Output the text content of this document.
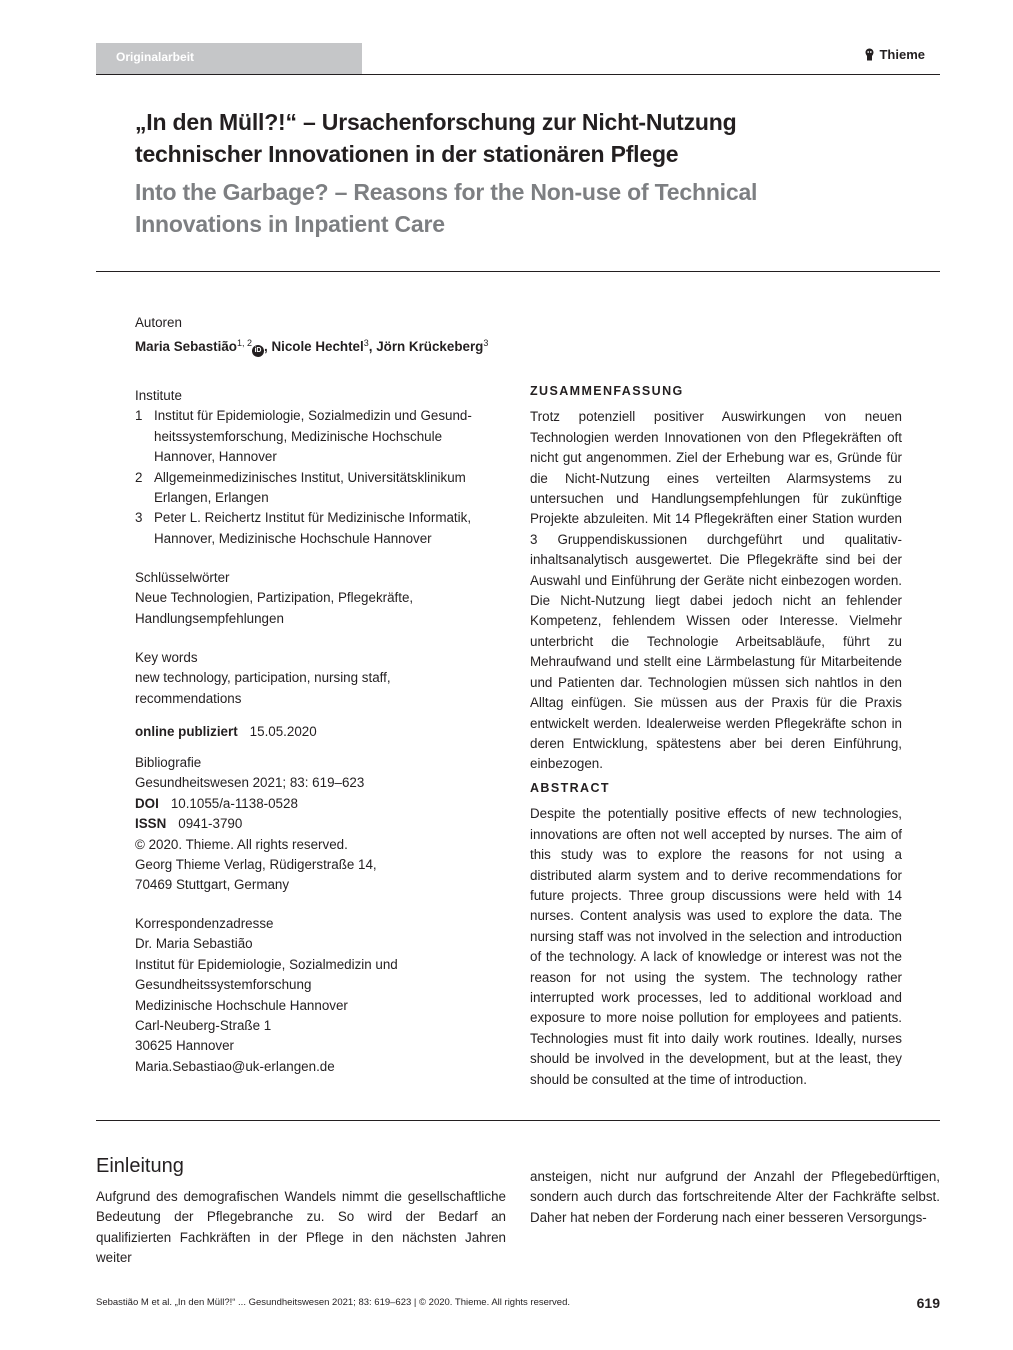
Originalarbeit	Thieme
„In den Müll?!“ – Ursachenforschung zur Nicht-Nutzung
technischer Innovationen in der stationären Pflege
Into the Garbage? – Reasons for the Non-use of Technical
Innovations in Inpatient Care
Autoren
Maria Sebastião$^{1, 2}$iD , Nicole Hechtel$^3$, Jörn Krückeberg$^3$
Institute
1 Institut für Epidemiologie, Sozialmedizin und Gesund-
heitssystemforschung, Medizinische Hochschule
Hannover, Hannover
2 Allgemeinmedizinisches Institut, Universitätsklinikum
Erlangen, Erlangen
3 Peter L. Reichertz Institut für Medizinische Informatik,
Hannover, Medizinische Hochschule Hannover
Schlüsselwörter
Neue Technologien, Partizipation, Pflegekräfte,
Handlungsempfehlungen
Key words
new technology, participation, nursing staff,
recommendations
online publiziert 15.05.2020
Bibliografie
Gesundheitswesen 2021; 83: 619–623
DOI 10.1055/a-1138-0528
ISSN 0941-3790
© 2020. Thieme. All rights reserved.
Georg Thieme Verlag, Rüdigerstraße 14,
70469 Stuttgart, Germany
Korrespondenzadresse
Dr. Maria Sebastião
Institut für Epidemiologie, Sozialmedizin und
Gesundheitssystemforschung
Medizinische Hochschule Hannover
Carl-Neuberg-Straße 1
30625 Hannover
Maria.Sebastiao@uk-erlangen.de
ZUSAMMENFASSUNG
Trotz potenziell positiver Auswirkungen von neuen Technologien werden Innovationen von den Pflegekräften oft nicht gut angenommen. Ziel der Erhebung war es, Gründe für die Nicht-Nutzung eines verteilten Alarmsystems zu untersuchen und Handlungsempfehlungen für zukünftige Projekte abzuleiten. Mit 14 Pflegekräften einer Station wurden 3 Gruppendiskussionen durchgeführt und qualitativ-inhaltsanalytisch ausgewertet. Die Pflegekräfte sind bei der Auswahl und Einführung der Geräte nicht einbezogen worden. Die Nicht-Nutzung liegt dabei jedoch nicht an fehlender Kompetenz, fehlendem Wissen oder Interesse. Vielmehr unterbricht die Technologie Arbeitsabläufe, führt zu Mehraufwand und stellt eine Lärmbelastung für Mitarbeitende und Patienten dar. Technologien müssen sich nahtlos in den Alltag einfügen. Sie müssen aus der Praxis für die Praxis entwickelt werden. Idealerweise werden Pflegekräfte schon in deren Entwicklung, spätestens aber bei deren Einführung, einbezogen.
ABSTRACT
Despite the potentially positive effects of new technologies, innovations are often not well accepted by nurses. The aim of this study was to explore the reasons for not using a distributed alarm system and to derive recommendations for future projects. Three group discussions were held with 14 nurses. Content analysis was used to explore the data. The nursing staff was not involved in the selection and introduction of the technology. A lack of knowledge or interest was not the reason for not using the system. The technology rather interrupted work processes, led to additional workload and exposure to more noise pollution for employees and patients. Technologies must fit into daily work routines. Ideally, nurses should be involved in the development, but at the least, they should be consulted at the time of introduction.
Einleitung
Aufgrund des demografischen Wandels nimmt die gesellschaftliche Bedeutung der Pflegebranche zu. So wird der Bedarf an qualifizierten Fachkräften in der Pflege in den nächsten Jahren weiter
ansteigen, nicht nur aufgrund der Anzahl der Pflegebedürftigen, sondern auch durch das fortschreitende Alter der Fachkräfte selbst. Daher hat neben der Forderung nach einer besseren Versorgungs-
Sebastião M et al. „In den Müll?!“ ... Gesundheitswesen 2021; 83: 619–623 | © 2020. Thieme. All rights reserved.	619
